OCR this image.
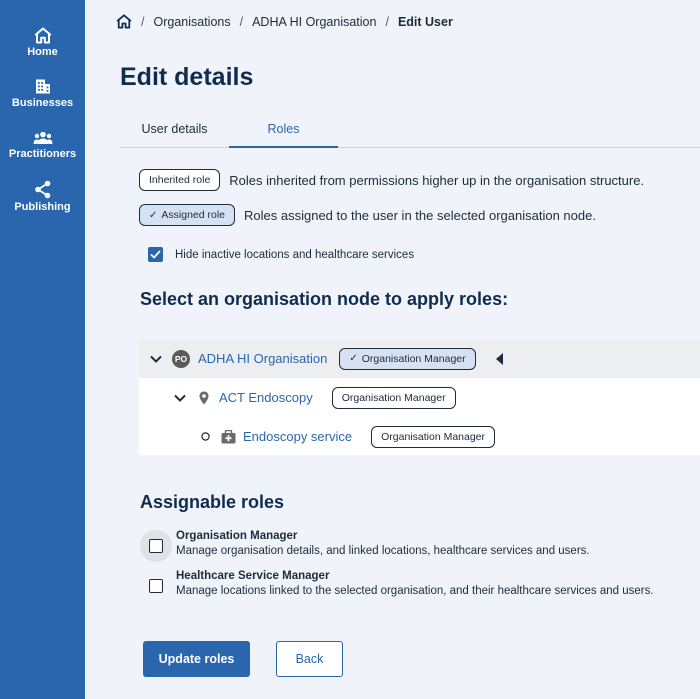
Home
Businesses
Practitioners
Publishing
/ Organisations / ADHA HI Organisation / Edit User
Edit details
User details	Roles
Inherited role	Roles inherited from permissions higher up in the organisation structure.
✓ Assigned role Roles assigned to the user in the selected organisation node.
Hide inactive locations and healthcare services
Select an organisation node to apply roles:
PO ADHA HI Organisation ✓ Organisation Manager
ACT Endoscopy	Organisation Manager
Endoscopy service	Organisation Manager
Assignable roles
Organisation Manager
Manage organisation details, and linked locations, healthcare services and users.
Healthcare Service Manager
Manage locations linked to the selected organisation, and their healthcare services and users.
Update roles	Back
